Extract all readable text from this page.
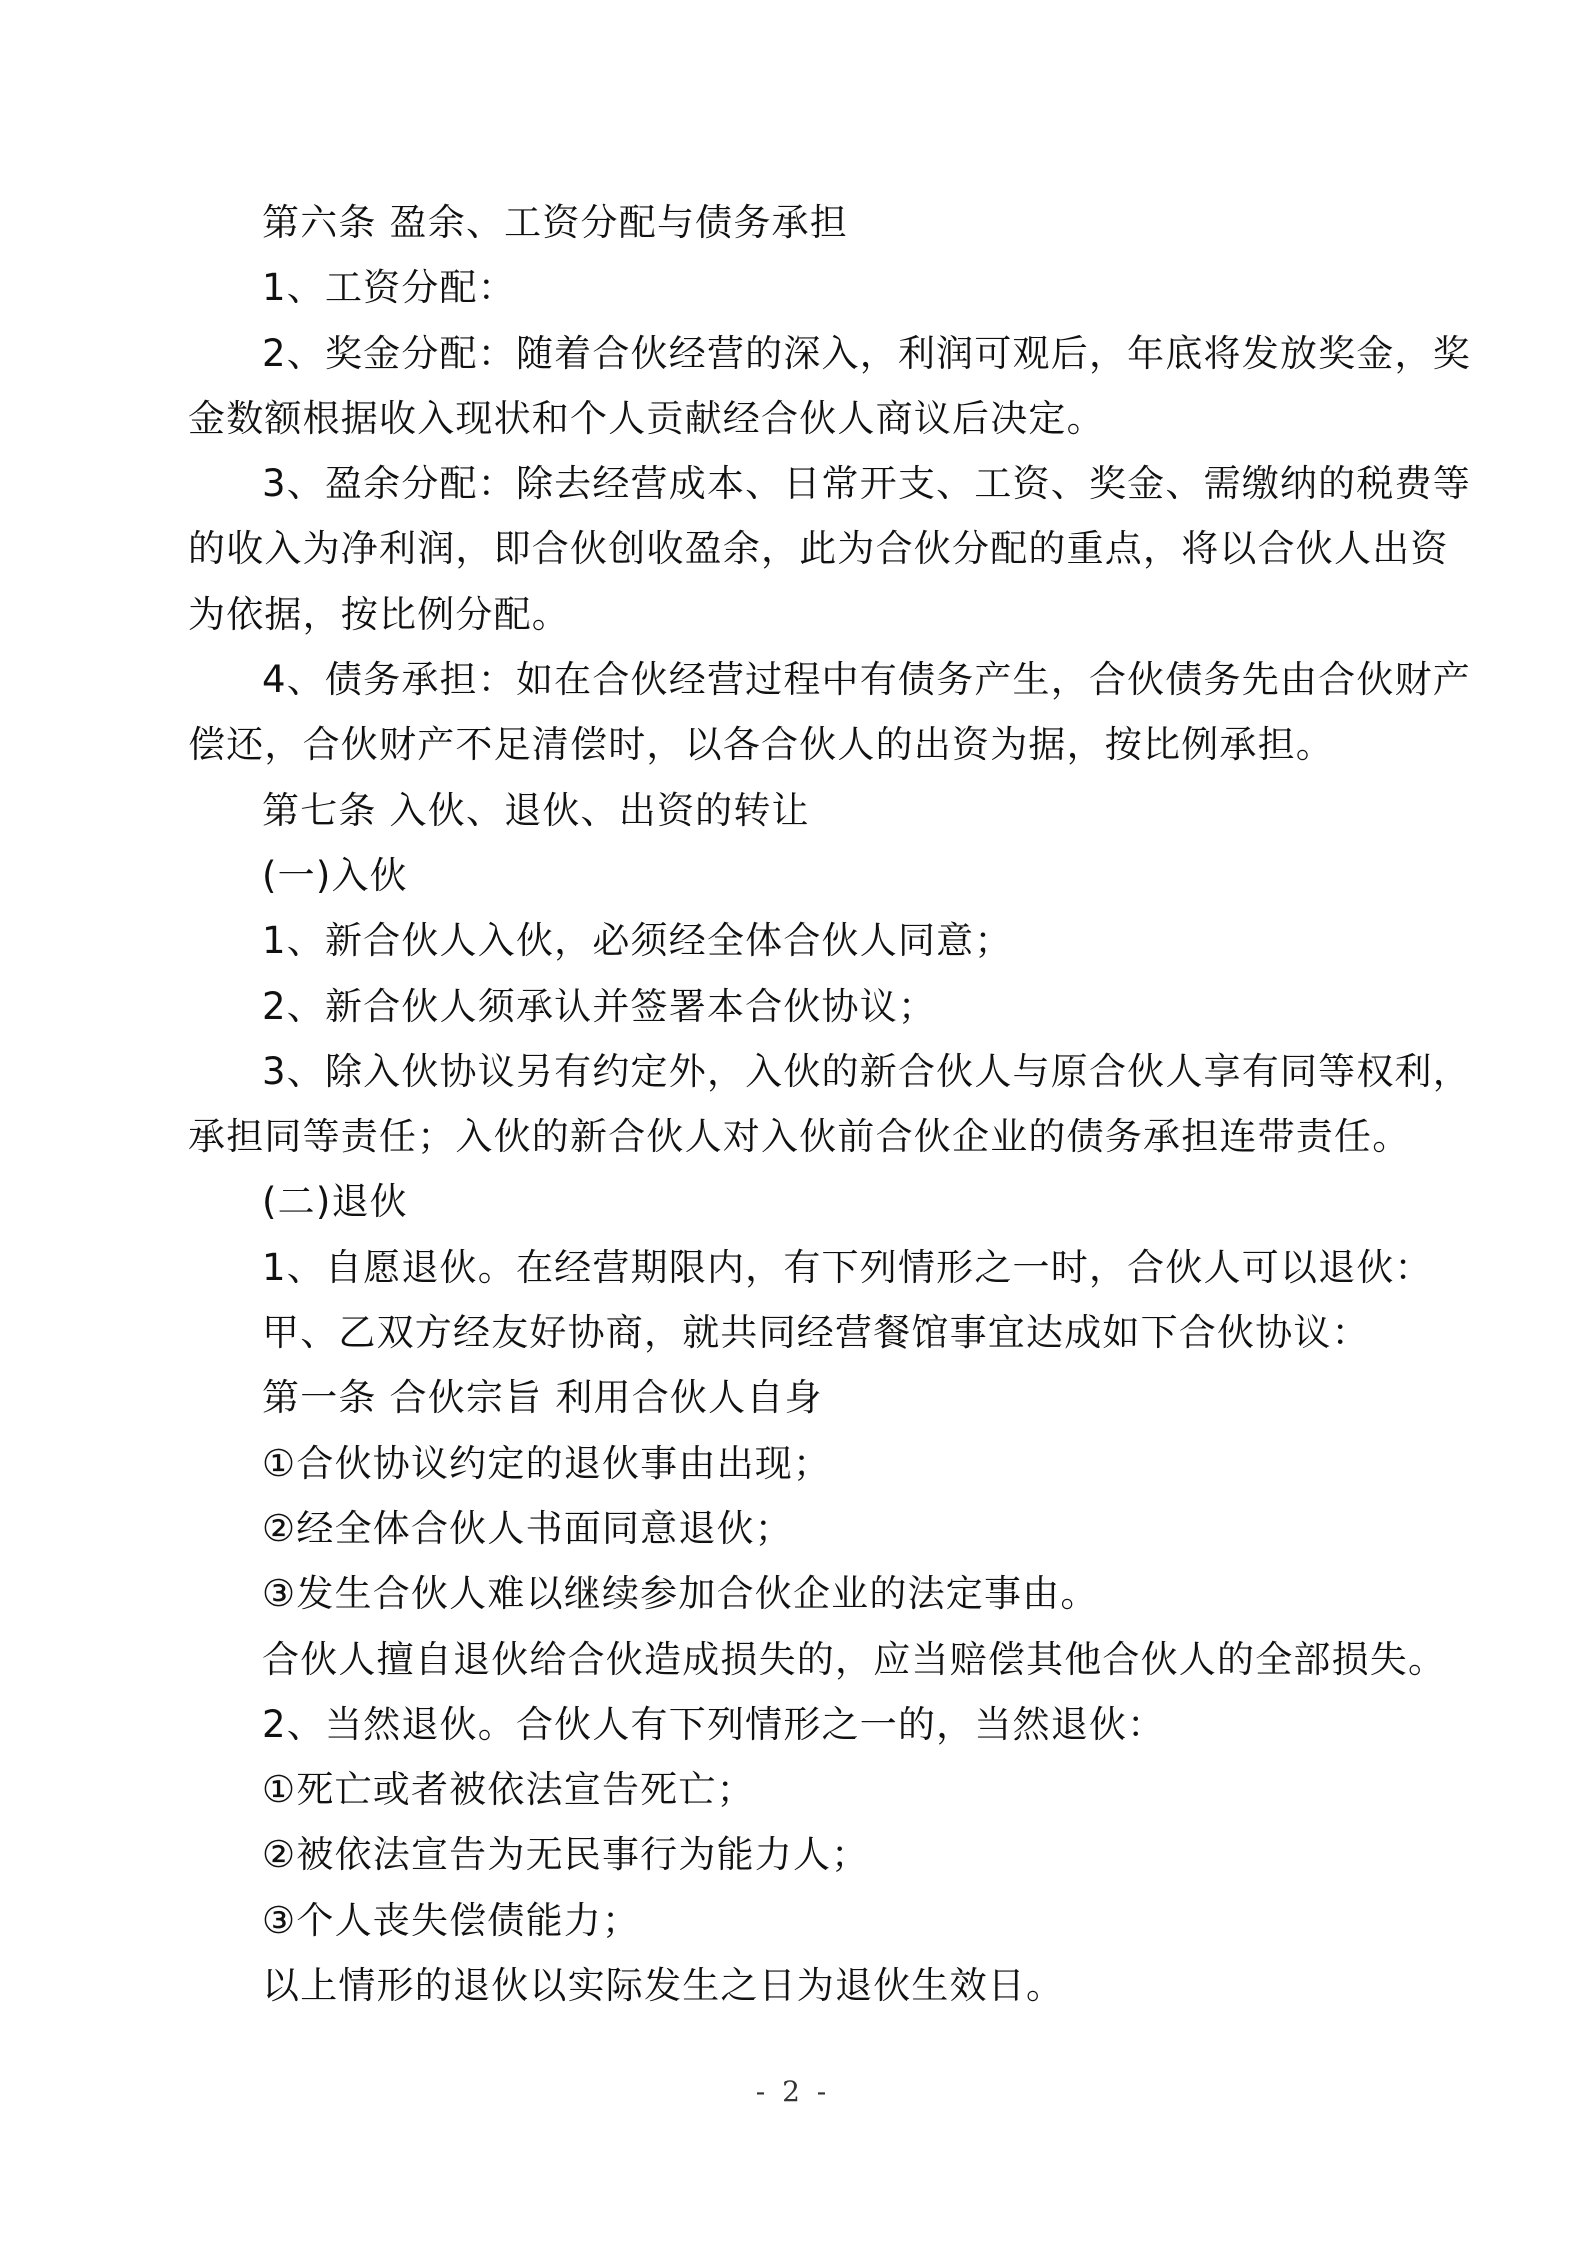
第六条 盈余、工资分配与债务承担
1、工资分配：
2、奖金分配：随着合伙经营的深入，利润可观后，年底将发放奖金，奖
金数额根据收入现状和个人贡献经合伙人商议后决定。
3、盈余分配：除去经营成本、日常开支、工资、奖金、需缴纳的税费等
的收入为净利润，即合伙创收盈余，此为合伙分配的重点，将以合伙人出资
为依据，按比例分配。
4、债务承担：如在合伙经营过程中有债务产生，合伙债务先由合伙财产
偿还，合伙财产不足清偿时，以各合伙人的出资为据，按比例承担。
第七条 入伙、退伙、出资的转让
(一)入伙
1、新合伙人入伙，必须经全体合伙人同意；
2、新合伙人须承认并签署本合伙协议；
3、除入伙协议另有约定外，入伙的新合伙人与原合伙人享有同等权利，
承担同等责任；入伙的新合伙人对入伙前合伙企业的债务承担连带责任。
(二)退伙
1、自愿退伙。在经营期限内，有下列情形之一时，合伙人可以退伙：
甲、乙双方经友好协商，就共同经营餐馆事宜达成如下合伙协议：
第一条 合伙宗旨 利用合伙人自身
①合伙协议约定的退伙事由出现；
②经全体合伙人书面同意退伙；
③发生合伙人难以继续参加合伙企业的法定事由。
合伙人擅自退伙给合伙造成损失的，应当赔偿其他合伙人的全部损失。
2、当然退伙。合伙人有下列情形之一的，当然退伙：
①死亡或者被依法宣告死亡；
②被依法宣告为无民事行为能力人；
③个人丧失偿债能力；
以上情形的退伙以实际发生之日为退伙生效日。
- 2 -
